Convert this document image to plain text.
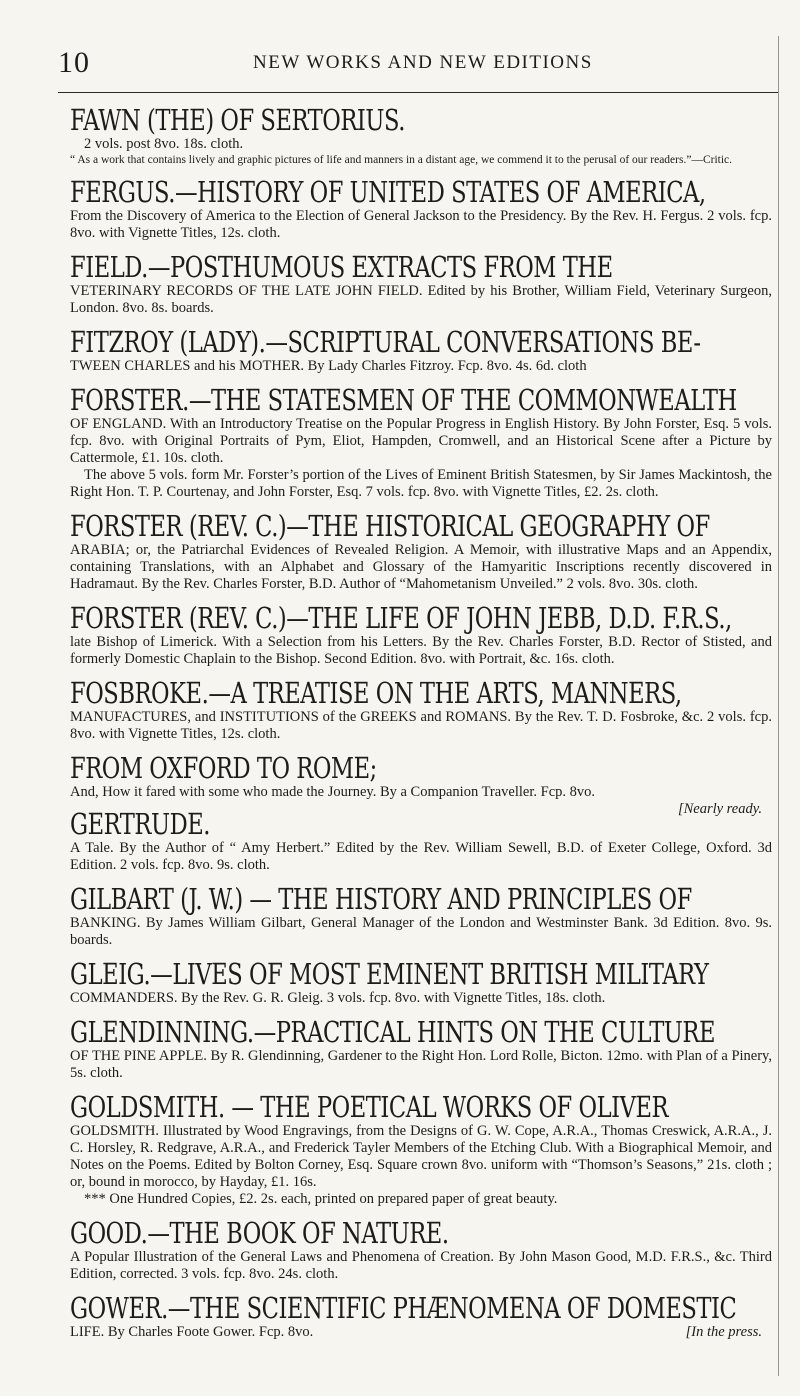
10	NEW WORKS AND NEW EDITIONS

FAWN (THE) OF SERTORIUS.

2 vols. post 8vo. 18s. cloth.

“ As a work that contains lively and graphic pictures of life and manners in a distant age, we commend it to the perusal of our readers.”—Critic.

FERGUS.—HISTORY OF UNITED STATES OF AMERICA,

From the Discovery of America to the Election of General Jackson to the Presidency. By the Rev. H. Fergus. 2 vols. fcp. 8vo. with Vignette Titles, 12s. cloth.

FIELD.—POSTHUMOUS EXTRACTS FROM THE

VETERINARY RECORDS OF THE LATE JOHN FIELD. Edited by his Brother, William Field, Veterinary Surgeon, London. 8vo. 8s. boards.

FITZROY (LADY).—SCRIPTURAL CONVERSATIONS BE-

TWEEN CHARLES and his MOTHER. By Lady Charles Fitzroy. Fcp. 8vo. 4s. 6d. cloth

FORSTER.—THE STATESMEN OF THE COMMONWEALTH

OF ENGLAND. With an Introductory Treatise on the Popular Progress in English History. By John Forster, Esq. 5 vols. fcp. 8vo. with Original Portraits of Pym, Eliot, Hampden, Cromwell, and an Historical Scene after a Picture by Cattermole, £1. 10s. cloth.

The above 5 vols. form Mr. Forster’s portion of the Lives of Eminent British Statesmen, by Sir James Mackintosh, the Right Hon. T. P. Courtenay, and John Forster, Esq. 7 vols. fcp. 8vo. with Vignette Titles, £2. 2s. cloth.

FORSTER (REV. C.)—THE HISTORICAL GEOGRAPHY OF

ARABIA; or, the Patriarchal Evidences of Revealed Religion. A Memoir, with illustrative Maps and an Appendix, containing Translations, with an Alphabet and Glossary of the Hamyaritic Inscriptions recently discovered in Hadramaut. By the Rev. Charles Forster, B.D. Author of “Mahometanism Unveiled.” 2 vols. 8vo. 30s. cloth.

FORSTER (REV. C.)—THE LIFE OF JOHN JEBB, D.D. F.R.S.,

late Bishop of Limerick. With a Selection from his Letters. By the Rev. Charles Forster, B.D. Rector of Stisted, and formerly Domestic Chaplain to the Bishop. Second Edition. 8vo. with Portrait, &c. 16s. cloth.

FOSBROKE.—A TREATISE ON THE ARTS, MANNERS,

MANUFACTURES, and INSTITUTIONS of the GREEKS and ROMANS. By the Rev. T. D. Fosbroke, &c. 2 vols. fcp. 8vo. with Vignette Titles, 12s. cloth.

FROM OXFORD TO ROME;

And, How it fared with some who made the Journey. By a Companion Traveller. Fcp. 8vo.

[Nearly ready.

GERTRUDE.

A Tale. By the Author of “ Amy Herbert.” Edited by the Rev. William Sewell, B.D. of Exeter College, Oxford. 3d Edition. 2 vols. fcp. 8vo. 9s. cloth.

GILBART (J. W.) — THE HISTORY AND PRINCIPLES OF

BANKING. By James William Gilbart, General Manager of the London and Westminster Bank. 3d Edition. 8vo. 9s. boards.

GLEIG.—LIVES OF MOST EMINENT BRITISH MILITARY

COMMANDERS. By the Rev. G. R. Gleig. 3 vols. fcp. 8vo. with Vignette Titles, 18s. cloth.

GLENDINNING.—PRACTICAL HINTS ON THE CULTURE

OF THE PINE APPLE. By R. Glendinning, Gardener to the Right Hon. Lord Rolle, Bicton. 12mo. with Plan of a Pinery, 5s. cloth.

GOLDSMITH. — THE POETICAL WORKS OF OLIVER

GOLDSMITH. Illustrated by Wood Engravings, from the Designs of G. W. Cope, A.R.A., Thomas Creswick, A.R.A., J. C. Horsley, R. Redgrave, A.R.A., and Frederick Tayler Members of the Etching Club. With a Biographical Memoir, and Notes on the Poems. Edited by Bolton Corney, Esq. Square crown 8vo. uniform with “Thomson’s Seasons,” 21s. cloth ; or, bound in morocco, by Hayday, £1. 16s.

*** One Hundred Copies, £2. 2s. each, printed on prepared paper of great beauty.

GOOD.—THE BOOK OF NATURE.

A Popular Illustration of the General Laws and Phenomena of Creation. By John Mason Good, M.D. F.R.S., &c. Third Edition, corrected. 3 vols. fcp. 8vo. 24s. cloth.

GOWER.—THE SCIENTIFIC PHÆNOMENA OF DOMESTIC

LIFE. By Charles Foote Gower. Fcp. 8vo.	[In the press.
